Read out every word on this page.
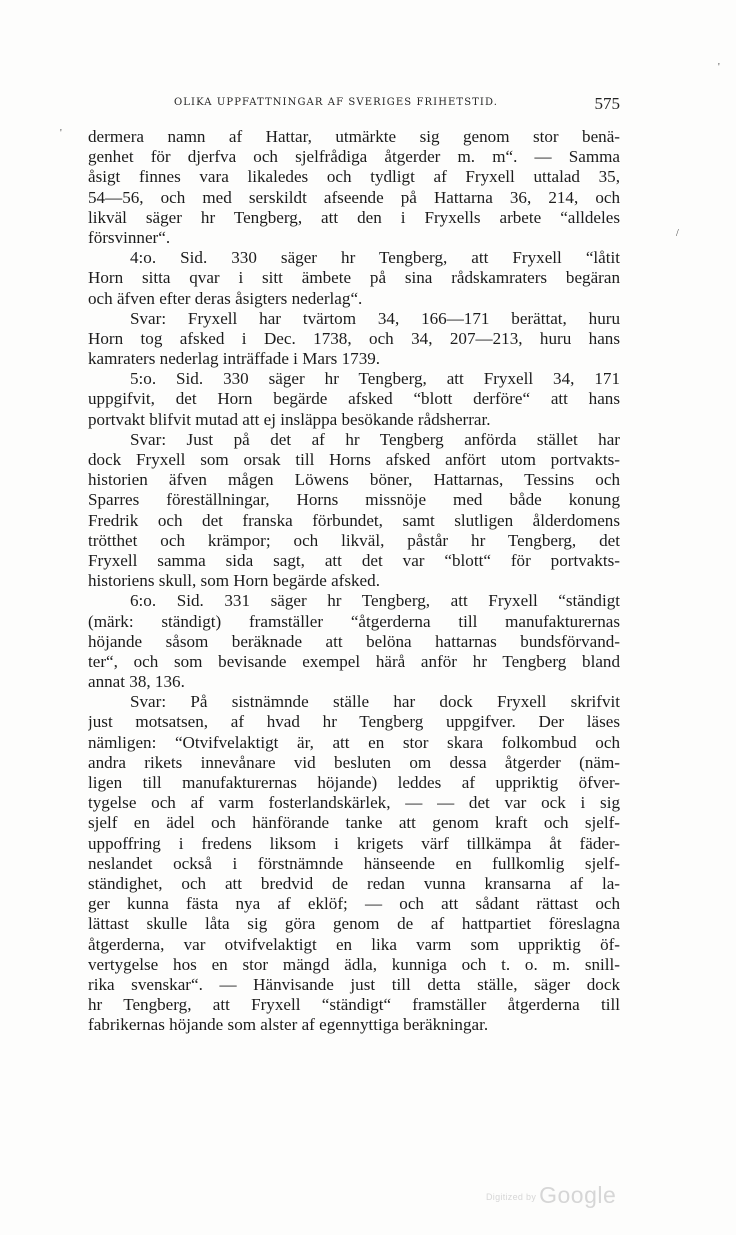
OLIKA UPPFATTNINGAR AF SVERIGES FRIHETSTID.	575
'
'
/
dermera namn af Hattar, utmärkte sig genom stor benä-
genhet för djerfva och sjelfrådiga åtgerder m. m“. — Samma
åsigt finnes vara likaledes och tydligt af Fryxell uttalad 35,
54—56, och med serskildt afseende på Hattarna 36, 214, och
likväl säger hr Tengberg, att den i Fryxells arbete “alldeles
försvinner“.
4:o. Sid. 330 säger hr Tengberg, att Fryxell “låtit
Horn sitta qvar i sitt ämbete på sina rådskamraters begäran
och äfven efter deras åsigters nederlag“.
Svar: Fryxell har tvärtom 34, 166—171 berättat, huru
Horn tog afsked i Dec. 1738, och 34, 207—213, huru hans
kamraters nederlag inträffade i Mars 1739.
5:o. Sid. 330 säger hr Tengberg, att Fryxell 34, 171
uppgifvit, det Horn begärde afsked “blott derföre“ att hans
portvakt blifvit mutad att ej insläppa besökande rådsherrar.
Svar: Just på det af hr Tengberg anförda stället har
dock Fryxell som orsak till Horns afsked anfört utom portvakts-
historien äfven mågen Löwens böner, Hattarnas, Tessins och
Sparres föreställningar, Horns missnöje med både konung
Fredrik och det franska förbundet, samt slutligen ålderdomens
trötthet och krämpor; och likväl, påstår hr Tengberg, det
Fryxell samma sida sagt, att det var “blott“ för portvakts-
historiens skull, som Horn begärde afsked.
6:o. Sid. 331 säger hr Tengberg, att Fryxell “ständigt
(märk: ständigt) framställer “åtgerderna till manufakturernas
höjande såsom beräknade att belöna hattarnas bundsförvand-
ter“, och som bevisande exempel härå anför hr Tengberg bland
annat 38, 136.
Svar: På sistnämnde ställe har dock Fryxell skrifvit
just motsatsen, af hvad hr Tengberg uppgifver. Der läses
nämligen: “Otvifvelaktigt är, att en stor skara folkombud och
andra rikets innevånare vid besluten om dessa åtgerder (näm-
ligen till manufakturernas höjande) leddes af uppriktig öfver-
tygelse och af varm fosterlandskärlek, — — det var ock i sig
sjelf en ädel och hänförande tanke att genom kraft och sjelf-
uppoffring i fredens liksom i krigets värf tillkämpa åt fäder-
neslandet också i förstnämnde hänseende en fullkomlig sjelf-
ständighet, och att bredvid de redan vunna kransarna af la-
ger kunna fästa nya af eklöf; — och att sådant rättast och
lättast skulle låta sig göra genom de af hattpartiet föreslagna
åtgerderna, var otvifvelaktigt en lika varm som uppriktig öf-
vertygelse hos en stor mängd ädla, kunniga och t. o. m. snill-
rika svenskar“. — Hänvisande just till detta ställe, säger dock
hr Tengberg, att Fryxell “ständigt“ framställer åtgerderna till
fabrikernas höjande som alster af egennyttiga beräkningar.
Digitized by Google
